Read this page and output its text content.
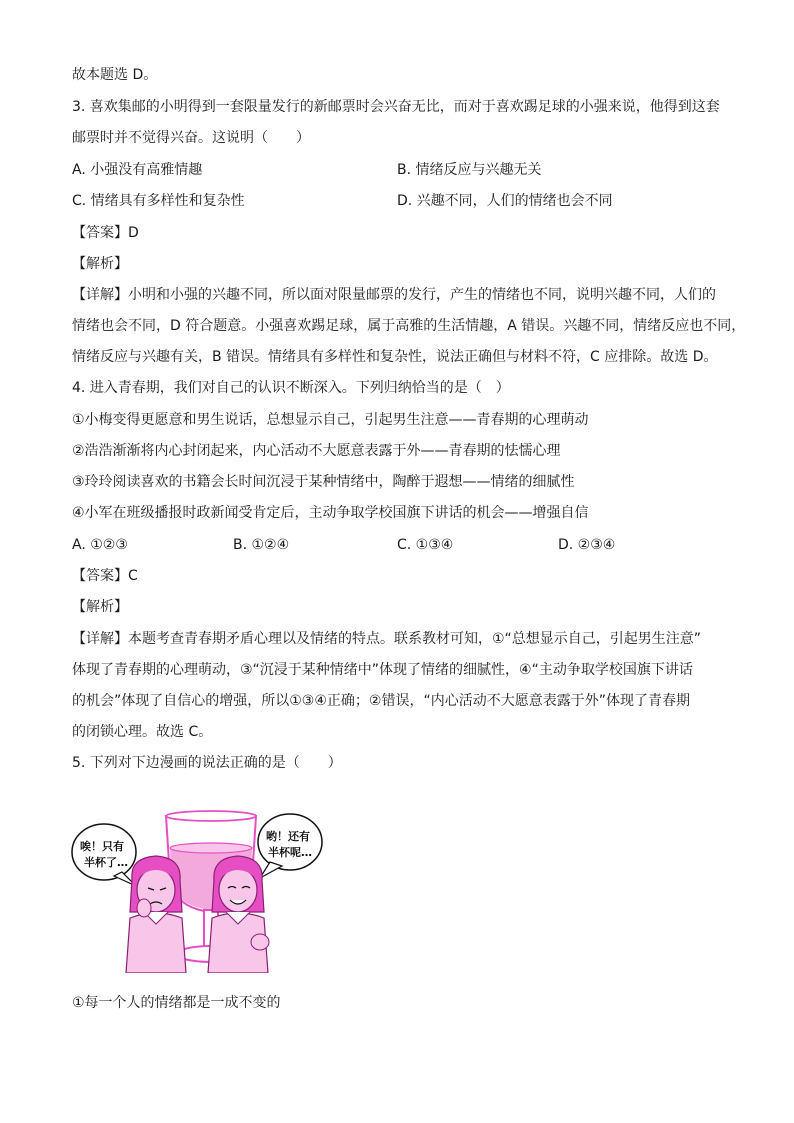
故本题选 D。
3. 喜欢集邮的小明得到一套限量发行的新邮票时会兴奋无比，而对于喜欢踢足球的小强来说，他得到这套
邮票时并不觉得兴奋。这说明（　　）
A. 小强没有高雅情趣	B. 情绪反应与兴趣无关
C. 情绪具有多样性和复杂性	D. 兴趣不同，人们的情绪也会不同
【答案】D
【解析】
【详解】小明和小强的兴趣不同，所以面对限量邮票的发行，产生的情绪也不同，说明兴趣不同，人们的
情绪也会不同，D 符合题意。小强喜欢踢足球，属于高雅的生活情趣，A 错误。兴趣不同，情绪反应也不同，
情绪反应与兴趣有关，B 错误。情绪具有多样性和复杂性，说法正确但与材料不符，C 应排除。故选 D。
4. 进入青春期，我们对自己的认识不断深入。下列归纳恰当的是（　）
①小梅变得更愿意和男生说话，总想显示自己，引起男生注意——青春期的心理萌动
②浩浩渐渐将内心封闭起来，内心活动不大愿意表露于外——青春期的怯懦心理
③玲玲阅读喜欢的书籍会长时间沉浸于某种情绪中，陶醉于遐想——情绪的细腻性
④小军在班级播报时政新闻受肯定后，主动争取学校国旗下讲话的机会——增强自信
A. ①②③	B. ①②④	C. ①③④	D. ②③④
【答案】C
【解析】
【详解】本题考查青春期矛盾心理以及情绪的特点。联系教材可知，①“总想显示自己，引起男生注意”
体现了青春期的心理萌动，③“沉浸于某种情绪中”体现了情绪的细腻性，④“主动争取学校国旗下讲话
的机会”体现了自信心的增强，所以①③④正确；②错误，“内心活动不大愿意表露于外”体现了青春期
的闭锁心理。故选 C。
5. 下列对下边漫画的说法正确的是（　　）
唉！只有
半杯了…
哟！还有
半杯呢…
①每一个人的情绪都是一成不变的
